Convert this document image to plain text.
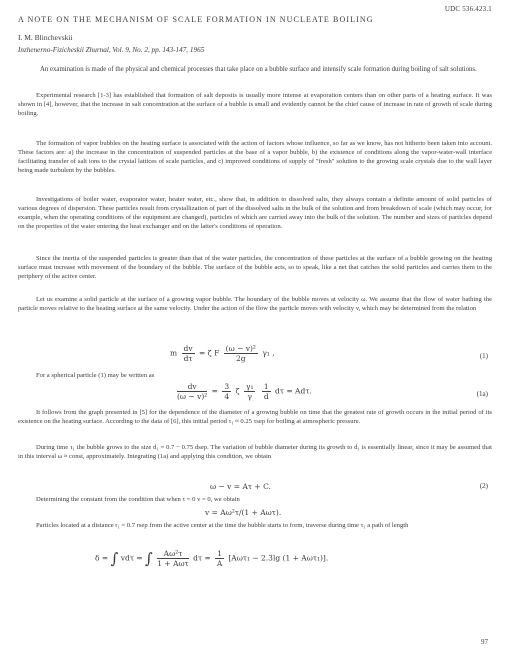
UDC 536.423.1
A NOTE ON THE MECHANISM OF SCALE FORMATION IN NUCLEATE BOILING
I. M. Blinchevskii
Inzhenerno-Fizicheskii Zhurnal, Vol. 9, No. 2, pp. 143-147, 1965
An examination is made of the physical and chemical processes that take place on a bubble surface and intensify scale formation during boiling of salt solutions.

Experimental research [1-3] has established that formation of salt deposits is usually more intense at evaporation centers than on other parts of a heating surface. It was shown in [4], however, that the increase in salt concentration at the surface of a bubble is small and evidently cannot be the chief cause of increase in rate of growth of scale during boiling.

The formation of vapor bubbles on the heating surface is associated with the action of factors whose influence, so far as we know, has not hitherto been taken into account. These factors are: a) the increase in the concentration of suspended particles at the base of a vapor bubble, b) the existence of conditions along the vapor-water-wall interface facilitating transfer of salt ions to the crystal lattices of scale particles, and c) improved conditions of supply of "fresh" solution to the growing scale crystals due to the wall layer being made turbulent by the bubbles.

Investigations of boiler water, evaporator water, heater water, etc., show that, in addition to dissolved salts, they always contain a definite amount of solid particles of various degrees of dispersion. These particles result from crystallization of part of the dissolved salts in the bulk of the solution and from breakdown of scale (which may occur, for example, when the operating conditions of the equipment are changed), particles of which are carried away into the bulk of the solution. The number and sizes of particles depend on the properties of the water entering the heat exchanger and on the latter's conditions of operation.

Since the inertia of the suspended particles is greater than that of the water particles, the concentration of these particles at the surface of a bubble growing on the heating surface must increase with movement of the boundary of the bubble. The surface of the bubble acts, so to speak, like a net that catches the solid particles and carries them to the periphery of the active center.

Let us examine a solid particle at the surface of a growing vapor bubble. The boundary of the bubble moves at velocity ω. We assume that the flow of water bathing the particle moves relative to the heating surface at the same velocity. Under the action of the flow the particle moves with velocity v, which may be determined from the relation

m $\frac{dv}{d\tau} = \zeta$ F $\frac{\text{(ω − v)²}}{2g} \gamma_1$ ,	(1)

For a spherical particle (1) may be written as

$\frac{dv}{\text{(ω − v)²}} = \frac{3}{4}$ ζ $\frac{\text{γ₁}}{\gamma}$
$\frac{1}{d}$ dτ = Adτ.	(1a)

It follows from the graph presented in [5] for the dependence of the diameter of a growing bubble on time that the greatest rate of growth occurs in the initial period of its existence on the heating surface. According to the data of [6], this initial period τ₁ ≈ 0.25 τsep for boiling at atmospheric pressure.

During time τ₁ the bubble grows to the size d₁ = 0.7 − 0.75 dsep. The variation of bubble diameter during its growth to d₁ is essentially linear, since it may be assumed that in this interval ω ≈ const, approximately. Integrating (1a) and applying this condition, we obtain

ω − v = Aτ + C.	(2)

Determining the constant from the condition that when τ = 0 v = 0, we obtain

v = Aω²τ/(1 + Aωτ).

Particles located at a distance r₁ = 0.7 rsep from the active center at the time the bubble starts to form, traverse during time τ₁ a path of length

δ = ∫ vdτ = ∫ $\frac{\text{Aω²τ}}{\text{1 + Aωτ}}$ $d\tau = \frac{1}{A} [A\omega\tau_1 - 2.3\lg$ (1 + Aωτ₁)].
97
